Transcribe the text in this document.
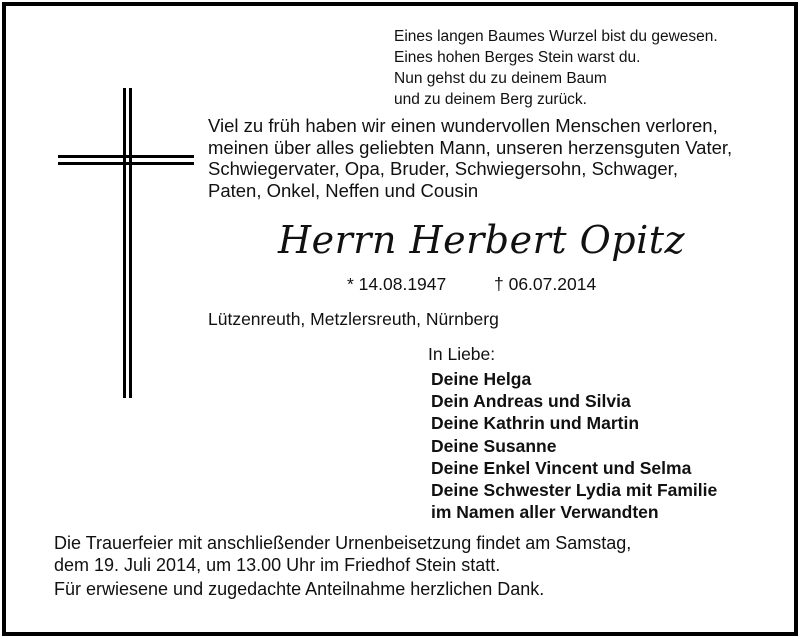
Eines langen Baumes Wurzel bist du gewesen.
Eines hohen Berges Stein warst du.
Nun gehst du zu deinem Baum
und zu deinem Berg zurück.
Viel zu früh haben wir einen wundervollen Menschen verloren,
meinen über alles geliebten Mann, unseren herzensguten Vater,
Schwiegervater, Opa, Bruder, Schwiegersohn, Schwager,
Paten, Onkel, Neffen und Cousin
Herrn Herbert Opitz
* 14.08.1947	† 06.07.2014
Lützenreuth, Metzlersreuth, Nürnberg
In Liebe:
Deine Helga
Dein Andreas und Silvia
Deine Kathrin und Martin
Deine Susanne
Deine Enkel Vincent und Selma
Deine Schwester Lydia mit Familie
im Namen aller Verwandten
Die Trauerfeier mit anschließender Urnenbeisetzung findet am Samstag,
dem 19. Juli 2014, um 13.00 Uhr im Friedhof Stein statt.
Für erwiesene und zugedachte Anteilnahme herzlichen Dank.
